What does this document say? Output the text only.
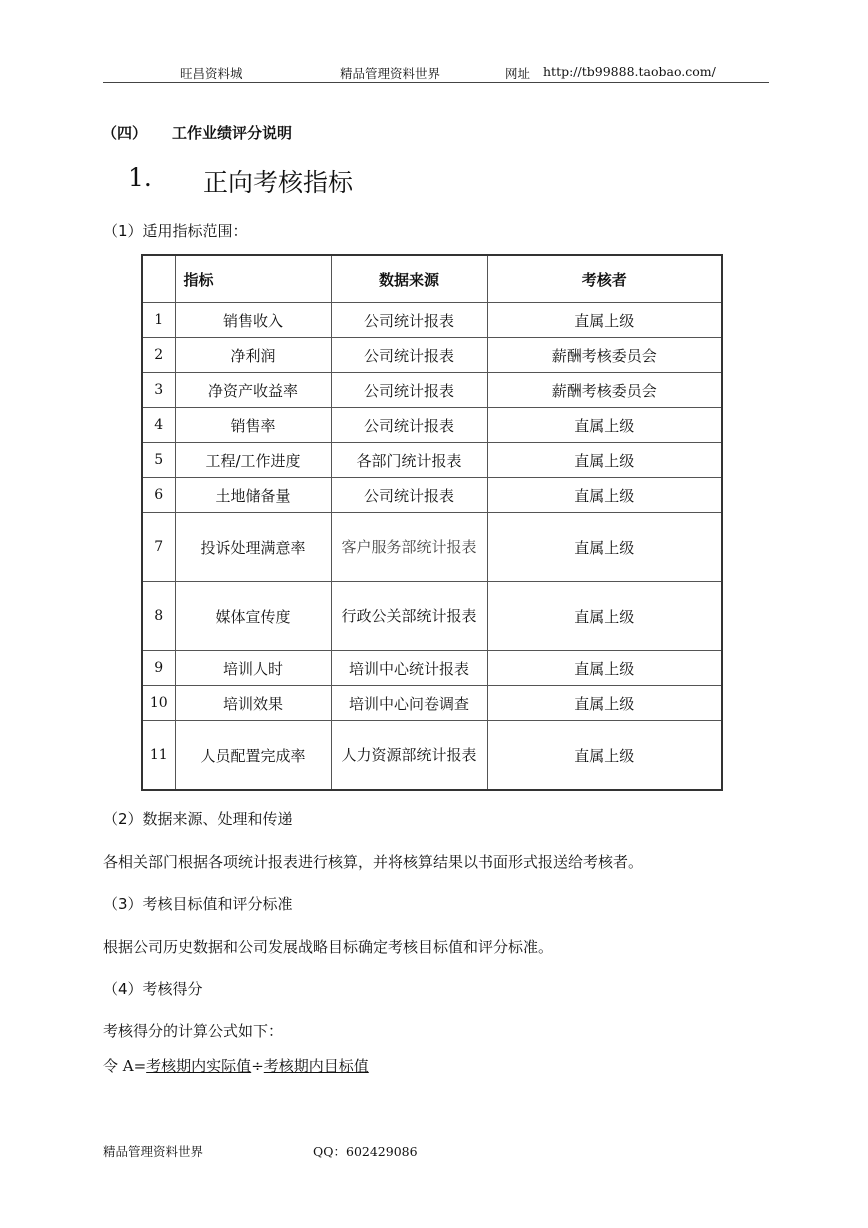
旺昌资料城	精品管理资料世界	网址 http://tb99888.taobao.com/
（四） 工作业绩评分说明
1. 正向考核指标
（1）适用指标范围：
	指标	数据来源	考核者
1	销售收入	公司统计报表	直属上级
2	净利润	公司统计报表	薪酬考核委员会
3	净资产收益率	公司统计报表	薪酬考核委员会
4	销售率	公司统计报表	直属上级
5	工程/工作进度	各部门统计报表	直属上级
6	土地储备量	公司统计报表	直属上级
7	投诉处理满意率	客户服务部统计报表	直属上级
8	媒体宣传度	行政公关部统计报表	直属上级
9	培训人时	培训中心统计报表	直属上级
10	培训效果	培训中心问卷调查	直属上级
11	人员配置完成率	人力资源部统计报表	直属上级
（2）数据来源、处理和传递
各相关部门根据各项统计报表进行核算，并将核算结果以书面形式报送给考核者。
（3）考核目标值和评分标准
根据公司历史数据和公司发展战略目标确定考核目标值和评分标准。
（4）考核得分
考核得分的计算公式如下：
令 A=考核期内实际值÷考核期内目标值
精品管理资料世界	QQ：602429086
